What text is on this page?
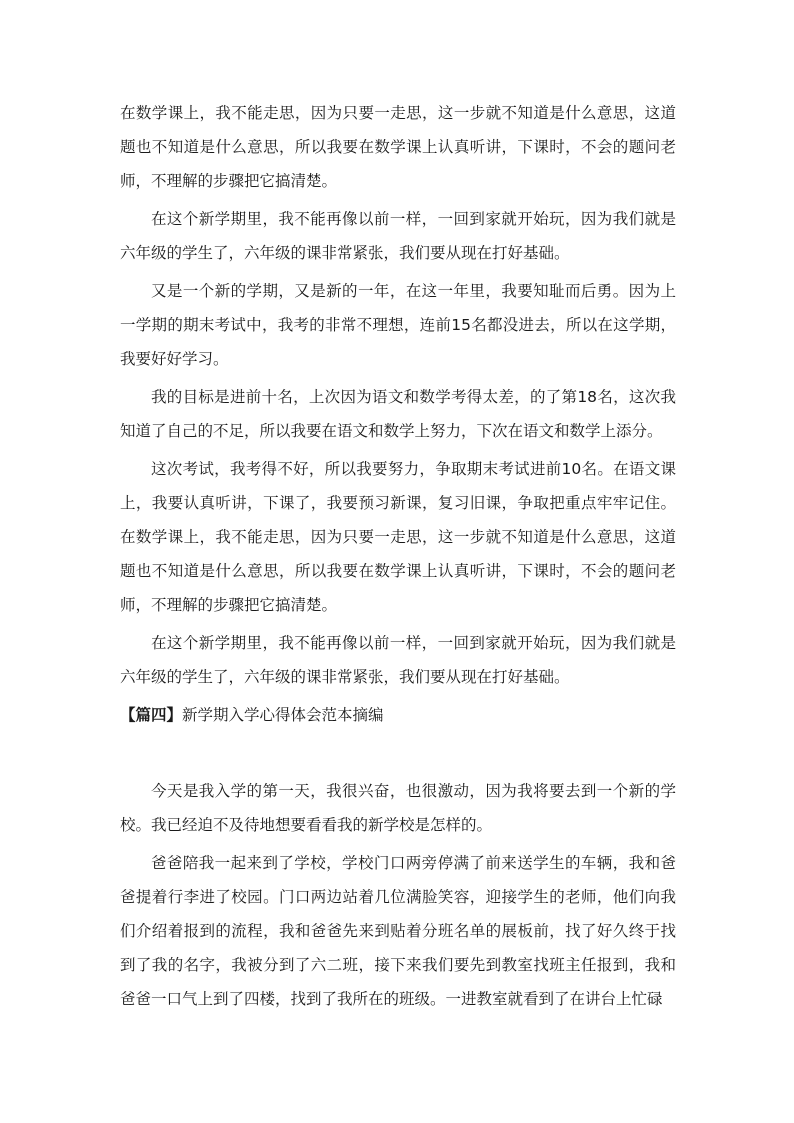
在数学课上，我不能走思，因为只要一走思，这一步就不知道是什么意思，这道题也不知道是什么意思，所以我要在数学课上认真听讲，下课时，不会的题问老师，不理解的步骤把它搞清楚。

在这个新学期里，我不能再像以前一样，一回到家就开始玩，因为我们就是六年级的学生了，六年级的课非常紧张，我们要从现在打好基础。

又是一个新的学期，又是新的一年，在这一年里，我要知耻而后勇。因为上一学期的期末考试中，我考的非常不理想，连前15名都没进去，所以在这学期，我要好好学习。

我的目标是进前十名，上次因为语文和数学考得太差，的了第18名，这次我知道了自己的不足，所以我要在语文和数学上努力，下次在语文和数学上添分。

这次考试，我考得不好，所以我要努力，争取期末考试进前10名。在语文课上，我要认真听讲，下课了，我要预习新课，复习旧课，争取把重点牢牢记住。在数学课上，我不能走思，因为只要一走思，这一步就不知道是什么意思，这道题也不知道是什么意思，所以我要在数学课上认真听讲，下课时，不会的题问老师，不理解的步骤把它搞清楚。

在这个新学期里，我不能再像以前一样，一回到家就开始玩，因为我们就是六年级的学生了，六年级的课非常紧张，我们要从现在打好基础。

【篇四】新学期入学心得体会范本摘编

今天是我入学的第一天，我很兴奋，也很激动，因为我将要去到一个新的学校。我已经迫不及待地想要看看我的新学校是怎样的。

爸爸陪我一起来到了学校，学校门口两旁停满了前来送学生的车辆，我和爸爸提着行李进了校园。门口两边站着几位满脸笑容，迎接学生的老师，他们向我们介绍着报到的流程，我和爸爸先来到贴着分班名单的展板前，找了好久终于找到了我的名字，我被分到了六二班，接下来我们要先到教室找班主任报到，我和爸爸一口气上到了四楼，找到了我所在的班级。一进教室就看到了在讲台上忙碌
